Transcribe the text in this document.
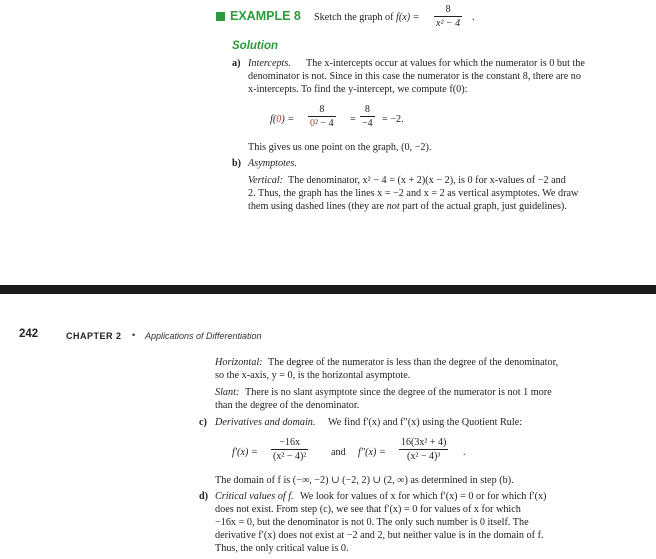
EXAMPLE 8 Sketch the graph of f(x) =
8
x² − 4
.
Solution
a) Intercepts. The x-intercepts occur at values for which the numerator is 0 but the
denominator is not. Since in this case the numerator is the constant 8, there are no
x-intercepts. To find the y-intercept, we compute f(0):
f(0) =
8
0² − 4 =
8
−4 = −2.
This gives us one point on the graph, (0, −2).
b) Asymptotes.
Vertical: The denominator, x² − 4 = (x + 2)(x − 2), is 0 for x-values of −2 and
2. Thus, the graph has the lines x = −2 and x = 2 as vertical asymptotes. We draw
them using dashed lines (they are not part of the actual graph, just guidelines).
242	CHAPTER 2 • Applications of Differentiation
Horizontal: The degree of the numerator is less than the degree of the denominator,
so the x-axis, y = 0, is the horizontal asymptote.
Slant: There is no slant asymptote since the degree of the numerator is not 1 more
than the degree of the denominator.
c) Derivatives and domain. We find f′(x) and f″(x) using the Quotient Rule:
f′(x) =
−16x
(x² − 4)² and f″(x) =
16(3x² + 4)
(x² − 4)³ .
The domain of f is (−∞, −2) ∪ (−2, 2) ∪ (2, ∞) as determined in step (b).
d) Critical values of f. We look for values of x for which f′(x) = 0 or for which f′(x)
does not exist. From step (c), we see that f′(x) = 0 for values of x for which
−16x = 0, but the denominator is not 0. The only such number is 0 itself. The
derivative f′(x) does not exist at −2 and 2, but neither value is in the domain of f.
Thus, the only critical value is 0.
